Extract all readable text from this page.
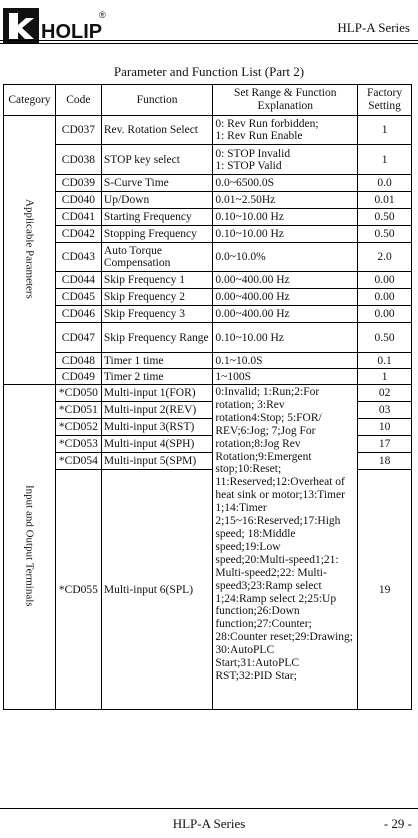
HOLIP
®
HLP-A Series
Parameter and Function List (Part 2)
Category	Code	Function	Set Range & Function Explanation	Factory Setting
Applicable Parameters	CD037	Rev. Rotation Select	0: Rev Run forbidden;
1: Rev Run Enable	1
	CD038	STOP key select	0: STOP Invalid
1: STOP Valid	1
	CD039	S-Curve Time	0.0~6500.0S	0.0
	CD040	Up/Down	0.01~2.50Hz	0.01
	CD041	Starting Frequency	0.10~10.00 Hz	0.50
	CD042	Stopping Frequency	0.10~10.00 Hz	0.50
	CD043	Auto Torque Compensation	0.0~10.0%	2.0
	CD044	Skip Frequency 1	0.00~400.00 Hz	0.00
	CD045	Skip Frequency 2	0.00~400.00 Hz	0.00
	CD046	Skip Frequency 3	0.00~400.00 Hz	0.00
	CD047	Skip Frequency Range	0.10~10.00 Hz	0.50
	CD048	Timer 1 time	0.1~10.0S	0.1
	CD049	Timer 2 time	1~100S	1
Input and Output Terminals	*CD050	Multi-input 1(FOR)	0:Invalid; 1:Run;2:For rotation; 3:Rev rotation4:Stop; 5:FOR/ REV;6:Jog; 7;Jog For rotation;8:Jog Rev Rotation;9:Emergent stop;10:Reset; 11:Reserved;12:Overheat of heat sink or motor;13:Timer 1;14:Timer 2;15~16:Reserved;17:High speed; 18:Middle speed;19:Low speed;20:Multi-speed1;21: Multi-speed2;22: Multi-speed3;23:Ramp select 1;24:Ramp select 2;25:Up function;26:Down function;27:Counter; 28:Counter reset;29:Drawing; 30:AutoPLC Start;31:AutoPLC RST;32:PID Star;	02
	*CD051	Multi-input 2(REV)		03
	*CD052	Multi-input 3(RST)		10
	*CD053	Multi-input 4(SPH)		17
	*CD054	Multi-input 5(SPM)		18
	*CD055	Multi-input 6(SPL)		19
HLP-A Series	- 29 -
